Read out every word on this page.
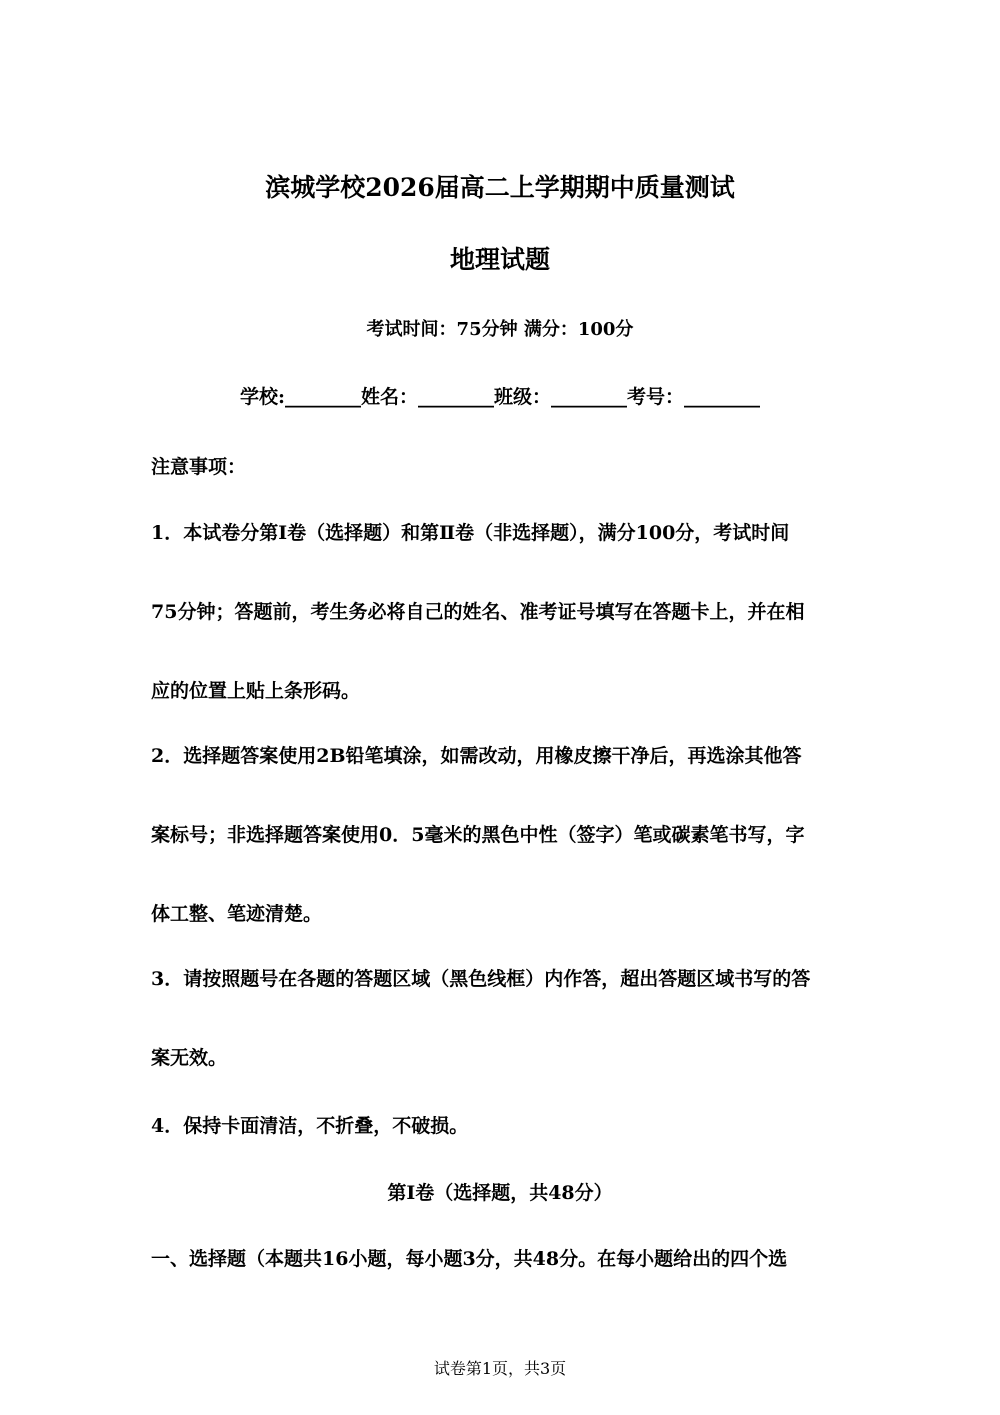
滨城学校2026届高二上学期期中质量测试
地理试题
考试时间：75分钟 满分：100分
学校:________姓名：________班级：________考号：________
注意事项：
1．本试卷分第Ⅰ卷（选择题）和第Ⅱ卷（非选择题），满分100分，考试时间
75分钟；答题前，考生务必将自己的姓名、准考证号填写在答题卡上，并在相
应的位置上贴上条形码。
2．选择题答案使用2B铅笔填涂，如需改动，用橡皮擦干净后，再选涂其他答
案标号；非选择题答案使用0．5毫米的黑色中性（签字）笔或碳素笔书写，字
体工整、笔迹清楚。
3．请按照题号在各题的答题区域（黑色线框）内作答，超出答题区域书写的答
案无效。
4．保持卡面清洁，不折叠，不破损。
第Ⅰ卷（选择题，共48分）
一、选择题（本题共16小题，每小题3分，共48分。在每小题给出的四个选
试卷第1页，共3页
